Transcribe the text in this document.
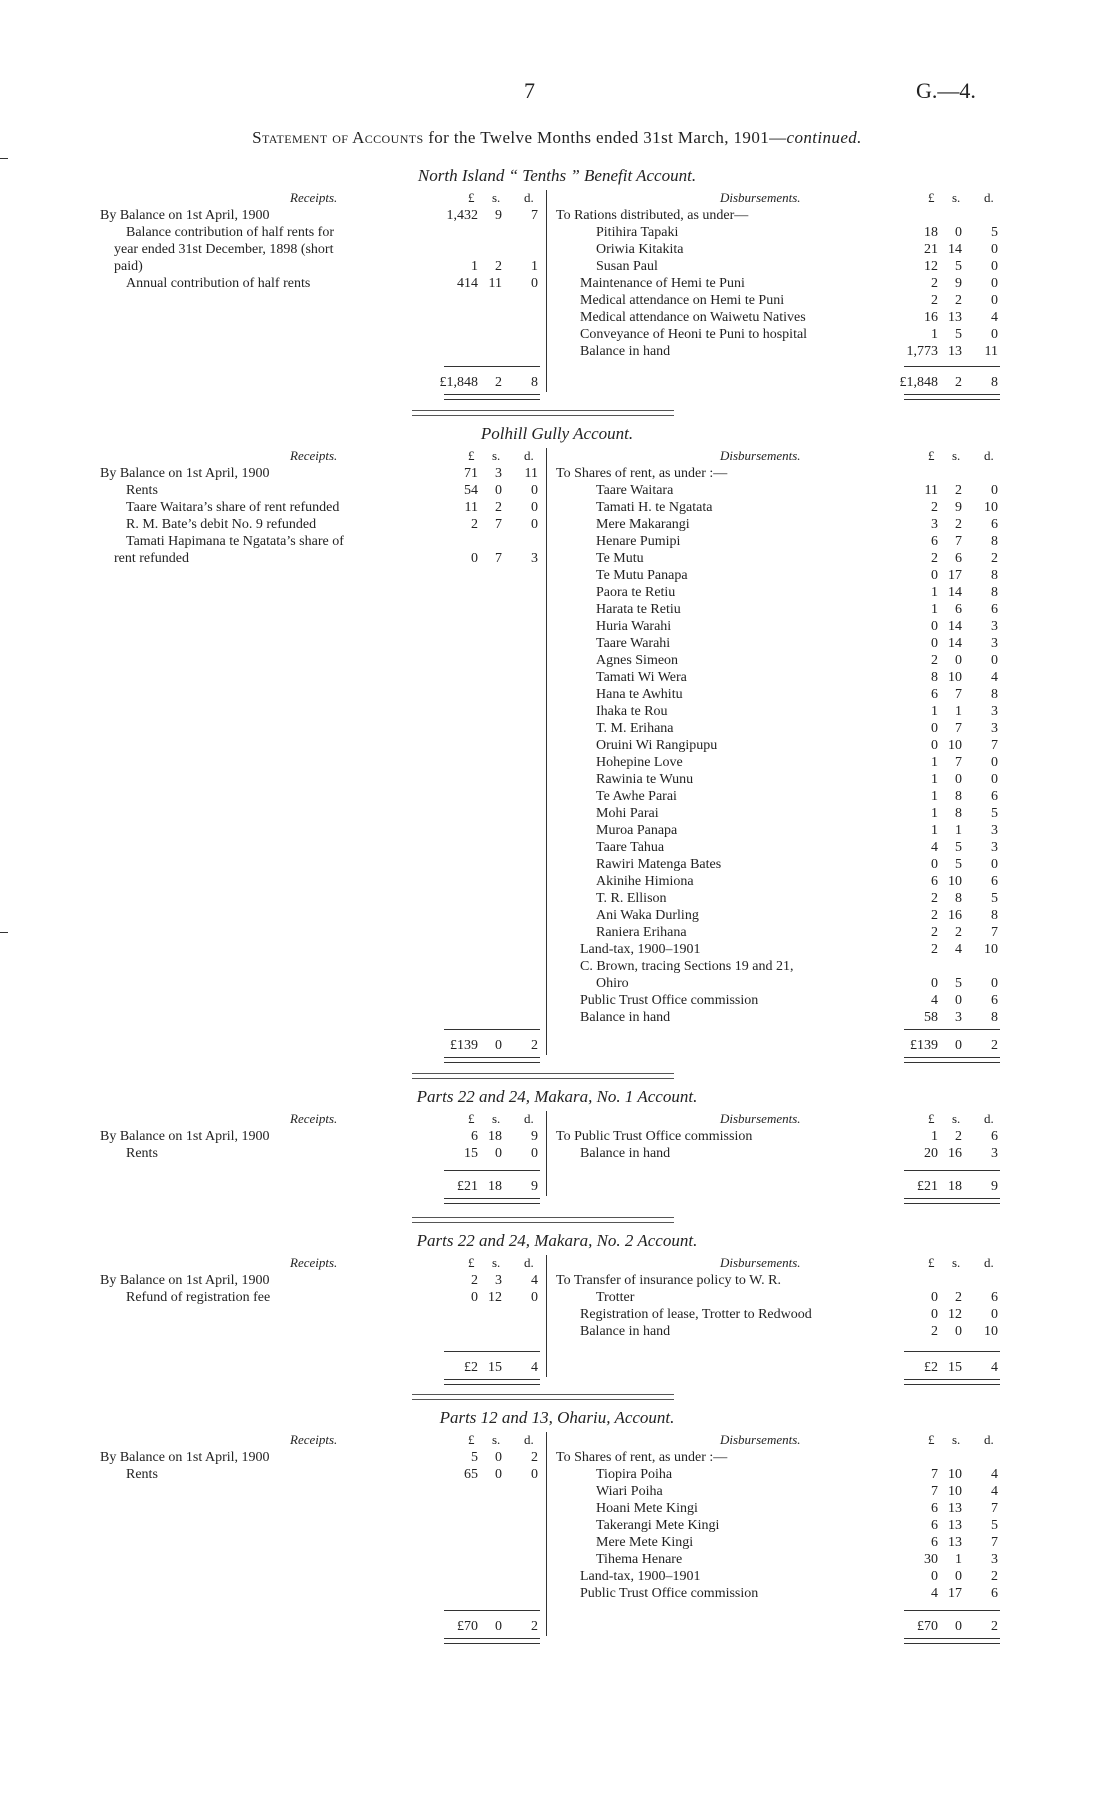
7	G.—4.
Statement of Accounts for the Twelve Months ended 31st March, 1901—continued.
North Island “ Tenths ” Benefit Account.
Receipts.	Disbursements.
£ s. d.	£ s. d.
By Balance on 1st April, 1900	1,432 9 7
Balance contribution of half rents for
year ended 31st December, 1898 (short
paid)	1 2 1
Annual contribution of half rents	414 11 0
To Rations distributed, as under—
Pitihira Tapaki	18 0 5
Oriwia Kitakita	21 14 0
Susan Paul	12 5 0
Maintenance of Hemi te Puni	2 9 0
Medical attendance on Hemi te Puni	2 2 0
Medical attendance on Waiwetu Natives	16 13 4
Conveyance of Heoni te Puni to hospital	1 5 0
Balance in hand	1,773 13 11
£1,848 2 8	£1,848 2 8
Polhill Gully Account.
Receipts.	Disbursements.
£ s. d.	£ s. d.
By Balance on 1st April, 1900	71 3 11
Rents	54 0 0
Taare Waitara’s share of rent refunded	11 2 0
R. M. Bate’s debit No. 9 refunded	2 7 0
Tamati Hapimana te Ngatata’s share of
rent refunded	0 7 3
To Shares of rent, as under :—
Taare Waitara	11 2 0
Tamati H. te Ngatata	2 9 10
Mere Makarangi	3 2 6
Henare Pumipi	6 7 8
Te Mutu	2 6 2
Te Mutu Panapa	0 17 8
Paora te Retiu	1 14 8
Harata te Retiu	1 6 6
Huria Warahi	0 14 3
Taare Warahi	0 14 3
Agnes Simeon	2 0 0
Tamati Wi Wera	8 10 4
Hana te Awhitu	6 7 8
Ihaka te Rou	1 1 3
T. M. Erihana	0 7 3
Oruini Wi Rangipupu	0 10 7
Hohepine Love	1 7 0
Rawinia te Wunu	1 0 0
Te Awhe Parai	1 8 6
Mohi Parai	1 8 5
Muroa Panapa	1 1 3
Taare Tahua	4 5 3
Rawiri Matenga Bates	0 5 0
Akinihe Himiona	6 10 6
T. R. Ellison	2 8 5
Ani Waka Durling	2 16 8
Raniera Erihana	2 2 7
Land-tax, 1900–1901	2 4 10
C. Brown, tracing Sections 19 and 21,
Ohiro	0 5 0
Public Trust Office commission	4 0 6
Balance in hand	58 3 8
£139 0 2	£139 0 2
Parts 22 and 24, Makara, No. 1 Account.
Receipts.	Disbursements.
£ s. d.	£ s. d.
By Balance on 1st April, 1900	6 18 9
Rents	15 0 0
To Public Trust Office commission	1 2 6
Balance in hand	20 16 3
£21 18 9	£21 18 9
Parts 22 and 24, Makara, No. 2 Account.
Receipts.	Disbursements.
£ s. d.	£ s. d.
By Balance on 1st April, 1900	2 3 4
Refund of registration fee	0 12 0
To Transfer of insurance policy to W. R.
Trotter	0 2 6
Registration of lease, Trotter to Redwood	0 12 0
Balance in hand	2 0 10
£2 15 4	£2 15 4
Parts 12 and 13, Ohariu, Account.
Receipts.	Disbursements.
£ s. d.	£ s. d.
By Balance on 1st April, 1900	5 0 2
Rents	65 0 0
To Shares of rent, as under :—
Tiopira Poiha	7 10 4
Wiari Poiha	7 10 4
Hoani Mete Kingi	6 13 7
Takerangi Mete Kingi	6 13 5
Mere Mete Kingi	6 13 7
Tihema Henare	30 1 3
Land-tax, 1900–1901	0 0 2
Public Trust Office commission	4 17 6
£70 0 2	£70 0 2
